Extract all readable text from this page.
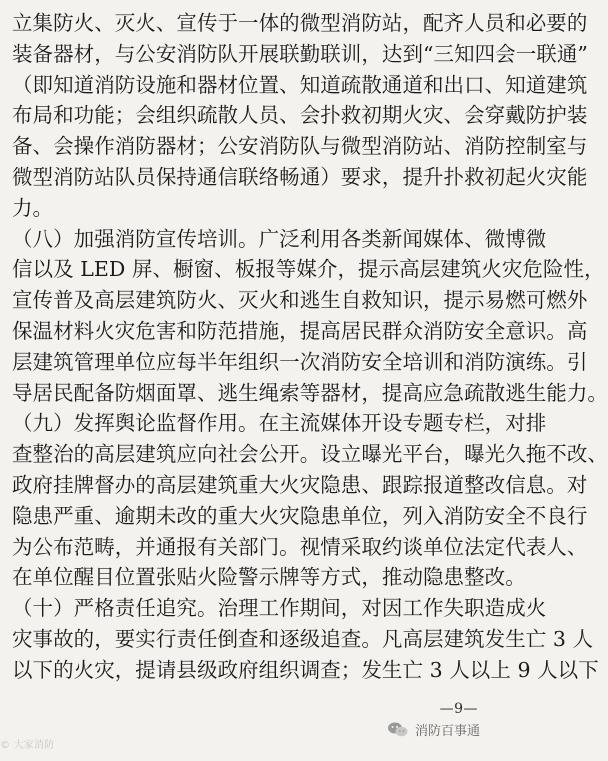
立集防火、灭火、宣传于一体的微型消防站，配齐人员和必要的
装备器材，与公安消防队开展联勤联训，达到“三知四会一联通”
（即知道消防设施和器材位置、知道疏散通道和出口、知道建筑
布局和功能；会组织疏散人员、会扑救初期火灾、会穿戴防护装
备、会操作消防器材；公安消防队与微型消防站、消防控制室与
微型消防站队员保持通信联络畅通）要求，提升扑救初起火灾能
力。
（八）加强消防宣传培训。广泛利用各类新闻媒体、微博微
信以及 LED 屏、橱窗、板报等媒介，提示高层建筑火灾危险性，
宣传普及高层建筑防火、灭火和逃生自救知识，提示易燃可燃外
保温材料火灾危害和防范措施，提高居民群众消防安全意识。高
层建筑管理单位应每半年组织一次消防安全培训和消防演练。引
导居民配备防烟面罩、逃生绳索等器材，提高应急疏散逃生能力。
（九）发挥舆论监督作用。在主流媒体开设专题专栏，对排
查整治的高层建筑应向社会公开。设立曝光平台，曝光久拖不改、
政府挂牌督办的高层建筑重大火灾隐患、跟踪报道整改信息。对
隐患严重、逾期未改的重大火灾隐患单位，列入消防安全不良行
为公布范畴，并通报有关部门。视情采取约谈单位法定代表人、
在单位醒目位置张贴火险警示牌等方式，推动隐患整改。
（十）严格责任追究。治理工作期间，对因工作失职造成火
灾事故的，要实行责任倒查和逐级追查。凡高层建筑发生亡 3 人
以下的火灾，提请县级政府组织调查；发生亡 3 人以上 9 人以下
—9—
© 大家消防
消防百事通
